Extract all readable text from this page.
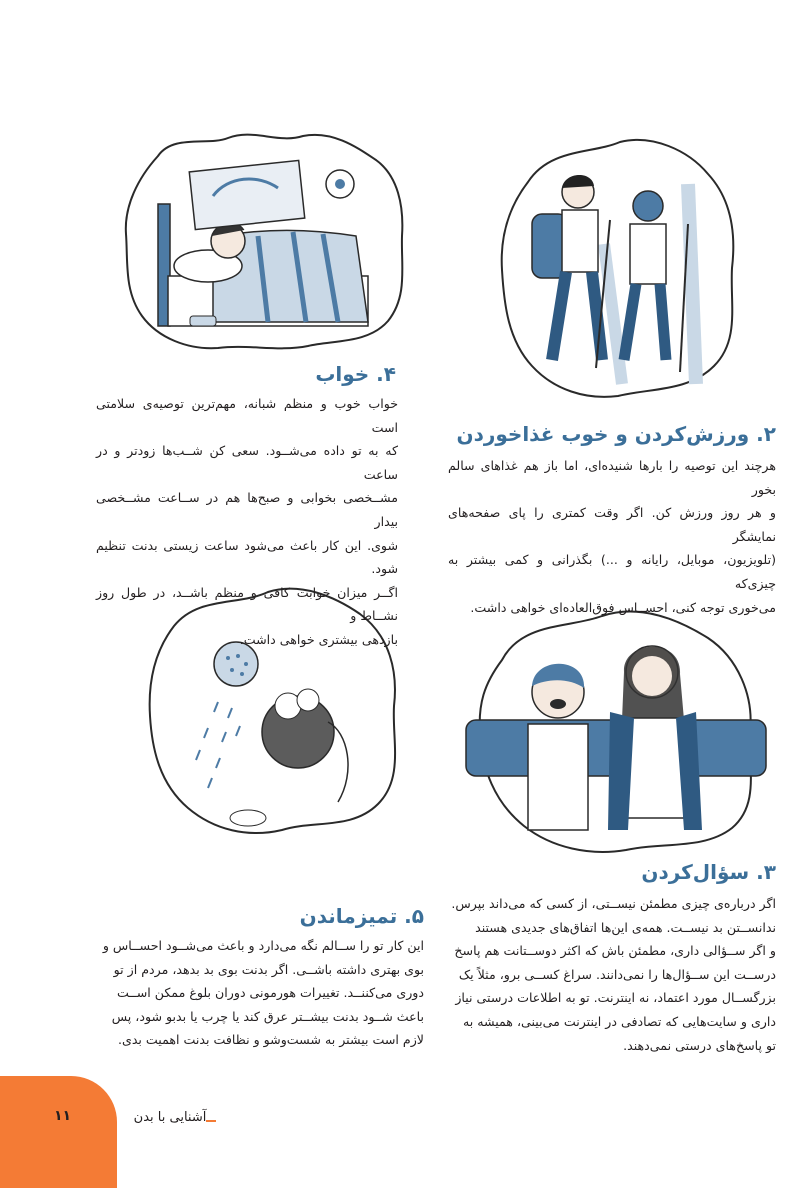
۴. خواب

خواب خوب و منظم شبانه، مهم‌ترین توصیه‌ی سلامتی است

که به تو داده می‌شــود. سعی کن شــب‌ها زودتر و در ساعت

مشــخصی بخوابی و صبح‌ها هم در ســاعت مشــخصی بیدار

شوی. این کار باعث می‌شود ساعت زیستی بدنت تنظیم شود.

اگــر میزان خوابت کافی و منظم باشــد، در طول روز نشــاط و

بازدهی بیشتری خواهی داشت.

۲. ورزش‌کردن و خوب غذاخوردن

هرچند این توصیه را بارها شنیده‌ای، اما باز هم غذاهای سالم بخور

و هر روز ورزش کن. اگر وقت کمتری را پای صفحه‌های نمایشگر

(تلویزیون، موبایل، رایانه و ...) بگذرانی و کمی بیشتر به چیزی‌که

می‌خوری توجه کنی، احســاس فوق‌العاده‌ای خواهی داشت.

۵. تمیزماندن

این کار تو را ســالم نگه می‌دارد و باعث می‌شــود احســاس و

بوی بهتری داشته باشــی. اگر بدنت بوی بد بدهد، مردم از تو

دوری می‌کننــد. تغییرات هورمونی دوران بلوغ ممکن اســت

باعث شــود بدنت بیشــتر عرق کند یا چرب یا بدبو شود، پس

لازم است بیشتر به شست‌وشو و نظافت بدنت اهمیت بدی.

۳. سؤال‌کردن

اگر درباره‌ی چیزی مطمئن نیســتی، از کسی که می‌داند بپرس.

ندانســتن بد نیســت. همه‌ی این‌ها اتفاق‌های جدیدی هستند

و اگر ســؤالی داری، مطمئن باش که اکثر دوســتانت هم پاسخ

درســت این ســؤال‌ها را نمی‌دانند. سراغ کســی برو، مثلاً یک

بزرگســال مورد اعتماد، نه اینترنت. تو به اطلاعات درستی نیاز

داری و سایت‌هایی که تصادفی در اینترنت می‌بینی، همیشه به

تو پاسخ‌های درستی نمی‌دهند.

۱۱	آشنایی با بدن
